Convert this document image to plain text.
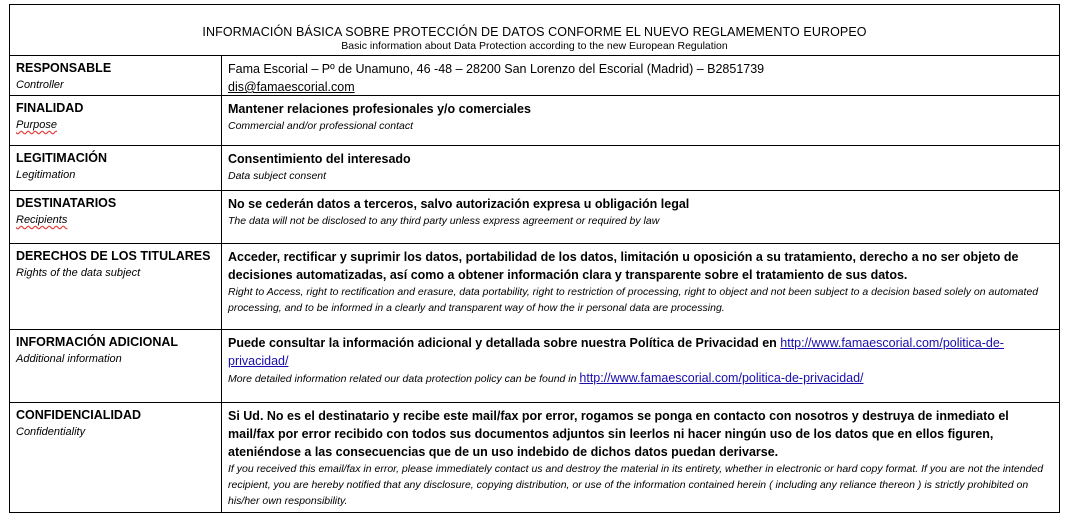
INFORMACIÓN BÁSICA SOBRE PROTECCIÓN DE DATOS CONFORME EL NUEVO REGLAMEMENTO EUROPEO
Basic information about Data Protection according to the new European Regulation
RESPONSABLE
Controller
Fama Escorial – Pº de Unamuno, 46 -48 – 28200 San Lorenzo del Escorial (Madrid) – B2851739
dis@famaescorial.com
FINALIDAD
Purpose
Mantener relaciones profesionales y/o comerciales
Commercial and/or professional contact
LEGITIMACIÓN
Legitimation
Consentimiento del interesado
Data subject consent
DESTINATARIOS
Recipients
No se cederán datos a terceros, salvo autorización expresa u obligación legal
The data will not be disclosed to any third party unless express agreement or required by law
DERECHOS DE LOS TITULARES
Rights of the data subject
Acceder, rectificar y suprimir los datos, portabilidad de los datos, limitación u oposición a su tratamiento, derecho a no ser objeto de decisiones automatizadas, así como a obtener información clara y transparente sobre el tratamiento de sus datos.
Right to Access, right to rectification and erasure, data portability, right to restriction of processing, right to object and not been subject to a decision based solely on automated processing, and to be informed in a clearly and transparent way of how the ir personal data are processing.
INFORMACIÓN ADICIONAL
Additional information
Puede consultar la información adicional y detallada sobre nuestra Política de Privacidad en http://www.famaescorial.com/politica-de-privacidad/
More detailed information related our data protection policy can be found in http://www.famaescorial.com/politica-de-privacidad/
CONFIDENCIALIDAD
Confidentiality
Si Ud. No es el destinatario y recibe este mail/fax por error, rogamos se ponga en contacto con nosotros y destruya de inmediato el mail/fax por error recibido con todos sus documentos adjuntos sin leerlos ni hacer ningún uso de los datos que en ellos figuren, ateniéndose a las consecuencias que de un uso indebido de dichos datos puedan derivarse.
If you received this email/fax in error, please immediately contact us and destroy the material in its entirety, whether in electronic or hard copy format. If you are not the intended recipient, you are hereby notified that any disclosure, copying distribution, or use of the information contained herein ( including any reliance thereon ) is strictly prohibited on his/her own responsibility.
